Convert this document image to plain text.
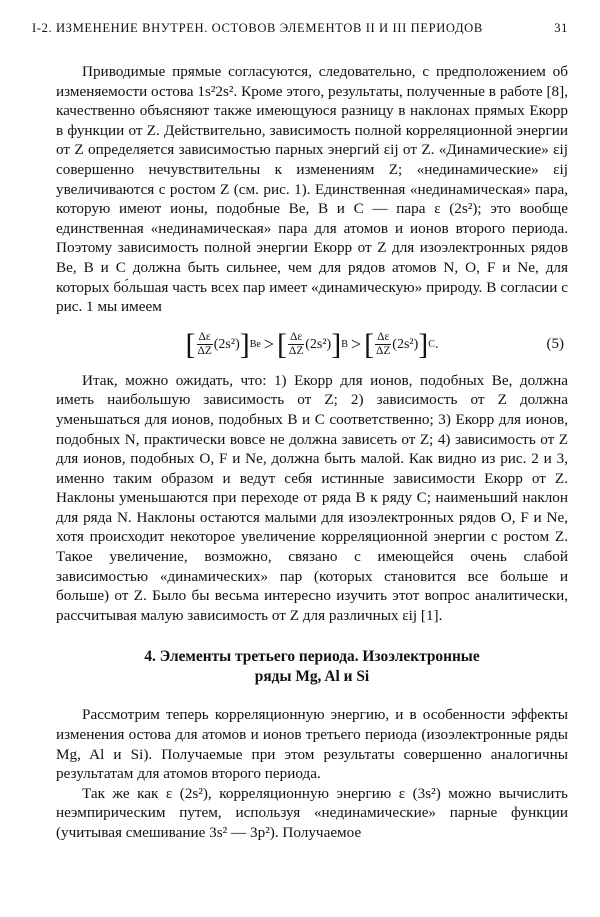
I-2. ИЗМЕНЕНИЕ ВНУТРЕН. ОСТОВОВ ЭЛЕМЕНТОВ II И III ПЕРИОДОВ	31

Приводимые прямые согласуются, следовательно, с предположением об изменяемости остова 1s²2s². Кроме этого, результаты, полученные в работе [8], качественно объясняют также имеющуюся разницу в наклонах прямых Eкорр в функции от Z. Действительно, зависимость полной корреляционной энергии от Z определяется зависимостью парных энергий εij от Z. «Динамические» εij совершенно нечувствительны к изменениям Z; «нединамические» εij увеличиваются с ростом Z (см. рис. 1). Единственная «нединамическая» пара, которую имеют ионы, подобные Be, B и C — пара ε (2s²); это вообще единственная «нединамическая» пара для атомов и ионов второго периода. Поэтому зависимость полной энергии Eкорр от Z для изоэлектронных рядов Be, B и C должна быть сильнее, чем для рядов атомов N, O, F и Ne, для которых бо́льшая часть всех пар имеет «динамическую» природу. В согласии с рис. 1 мы имеем

[ $\frac{\Delta\varepsilon}{\Delta Z} (2s^2)$ ] Be > [ $\frac{\Delta\varepsilon}{\Delta Z} (2s^2)$ ] B > [ $\frac{\Delta\varepsilon}{\Delta Z} (2s^2)$ ] C .	(5)

Итак, можно ожидать, что: 1) Eкорр для ионов, подобных Be, должна иметь наибольшую зависимость от Z; 2) зависимость от Z должна уменьшаться для ионов, подобных B и C соответственно; 3) Eкорр для ионов, подобных N, практически вовсе не должна зависеть от Z; 4) зависимость от Z для ионов, подобных O, F и Ne, должна быть малой. Как видно из рис. 2 и 3, именно таким образом и ведут себя истинные зависимости Eкорр от Z. Наклоны уменьшаются при переходе от ряда B к ряду C; наименьший наклон для ряда N. Наклоны остаются малыми для изоэлектронных рядов O, F и Ne, хотя происходит некоторое увеличение корреляционной энергии с ростом Z. Такое увеличение, возможно, связано с имеющейся очень слабой зависимостью «динамических» пар (которых становится все больше и больше) от Z. Было бы весьма интересно изучить этот вопрос аналитически, рассчитывая малую зависимость от Z для различных εij [1].

4. Элементы третьего периода. Изоэлектронные
ряды Mg, Al и Si

Рассмотрим теперь корреляционную энергию, и в особенности эффекты изменения остова для атомов и ионов третьего периода (изоэлектронные ряды Mg, Al и Si). Получаемые при этом результаты совершенно аналогичны результатам для атомов второго периода.

Так же как ε (2s²), корреляционную энергию ε (3s²) можно вычислить неэмпирическим путем, используя «нединамические» парные функции (учитывая смешивание 3s² — 3p²). Получаемое
